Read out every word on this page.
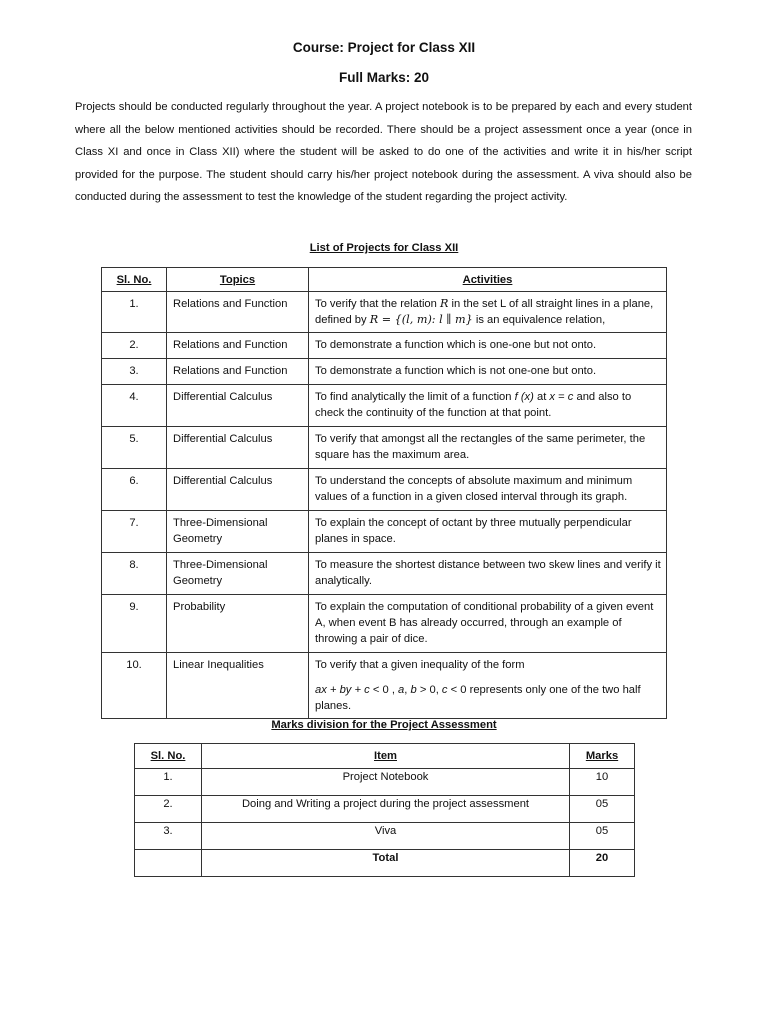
Course: Project for Class XII
Full Marks: 20
Projects should be conducted regularly throughout the year. A project notebook is to be prepared by each and every student where all the below mentioned activities should be recorded. There should be a project assessment once a year (once in Class XI and once in Class XII) where the student will be asked to do one of the activities and write it in his/her script provided for the purpose. The student should carry his/her project notebook during the assessment. A viva should also be conducted during the assessment to test the knowledge of the student regarding the project activity.
List of Projects for Class XII
Sl. No.	Topics	Activities
1.	Relations and Function	To verify that the relation R in the set L of all straight lines in a plane, defined by R = {(l, m): l ∥ m} is an equivalence relation,
2.	Relations and Function	To demonstrate a function which is one-one but not onto.
3.	Relations and Function	To demonstrate a function which is not one-one but onto.
4.	Differential Calculus	To find analytically the limit of a function f (x) at x = c and also to check the continuity of the function at that point.
5.	Differential Calculus	To verify that amongst all the rectangles of the same perimeter, the square has the maximum area.
6.	Differential Calculus	To understand the concepts of absolute maximum and minimum values of a function in a given closed interval through its graph.
7.	Three-Dimensional Geometry	To explain the concept of octant by three mutually perpendicular planes in space.
8.	Three-Dimensional Geometry	To measure the shortest distance between two skew lines and verify it analytically.
9.	Probability	To explain the computation of conditional probability of a given event A, when event B has already occurred, through an example of throwing a pair of dice.
10.	Linear Inequalities	To verify that a given inequality of the form
ax + by + c < 0 , a, b > 0, c < 0 represents only one of the two half planes.
Marks division for the Project Assessment
Sl. No.	Item	Marks
1.	Project Notebook	10
2.	Doing and Writing a project during the project assessment	05
3.	Viva	05
	Total	20
